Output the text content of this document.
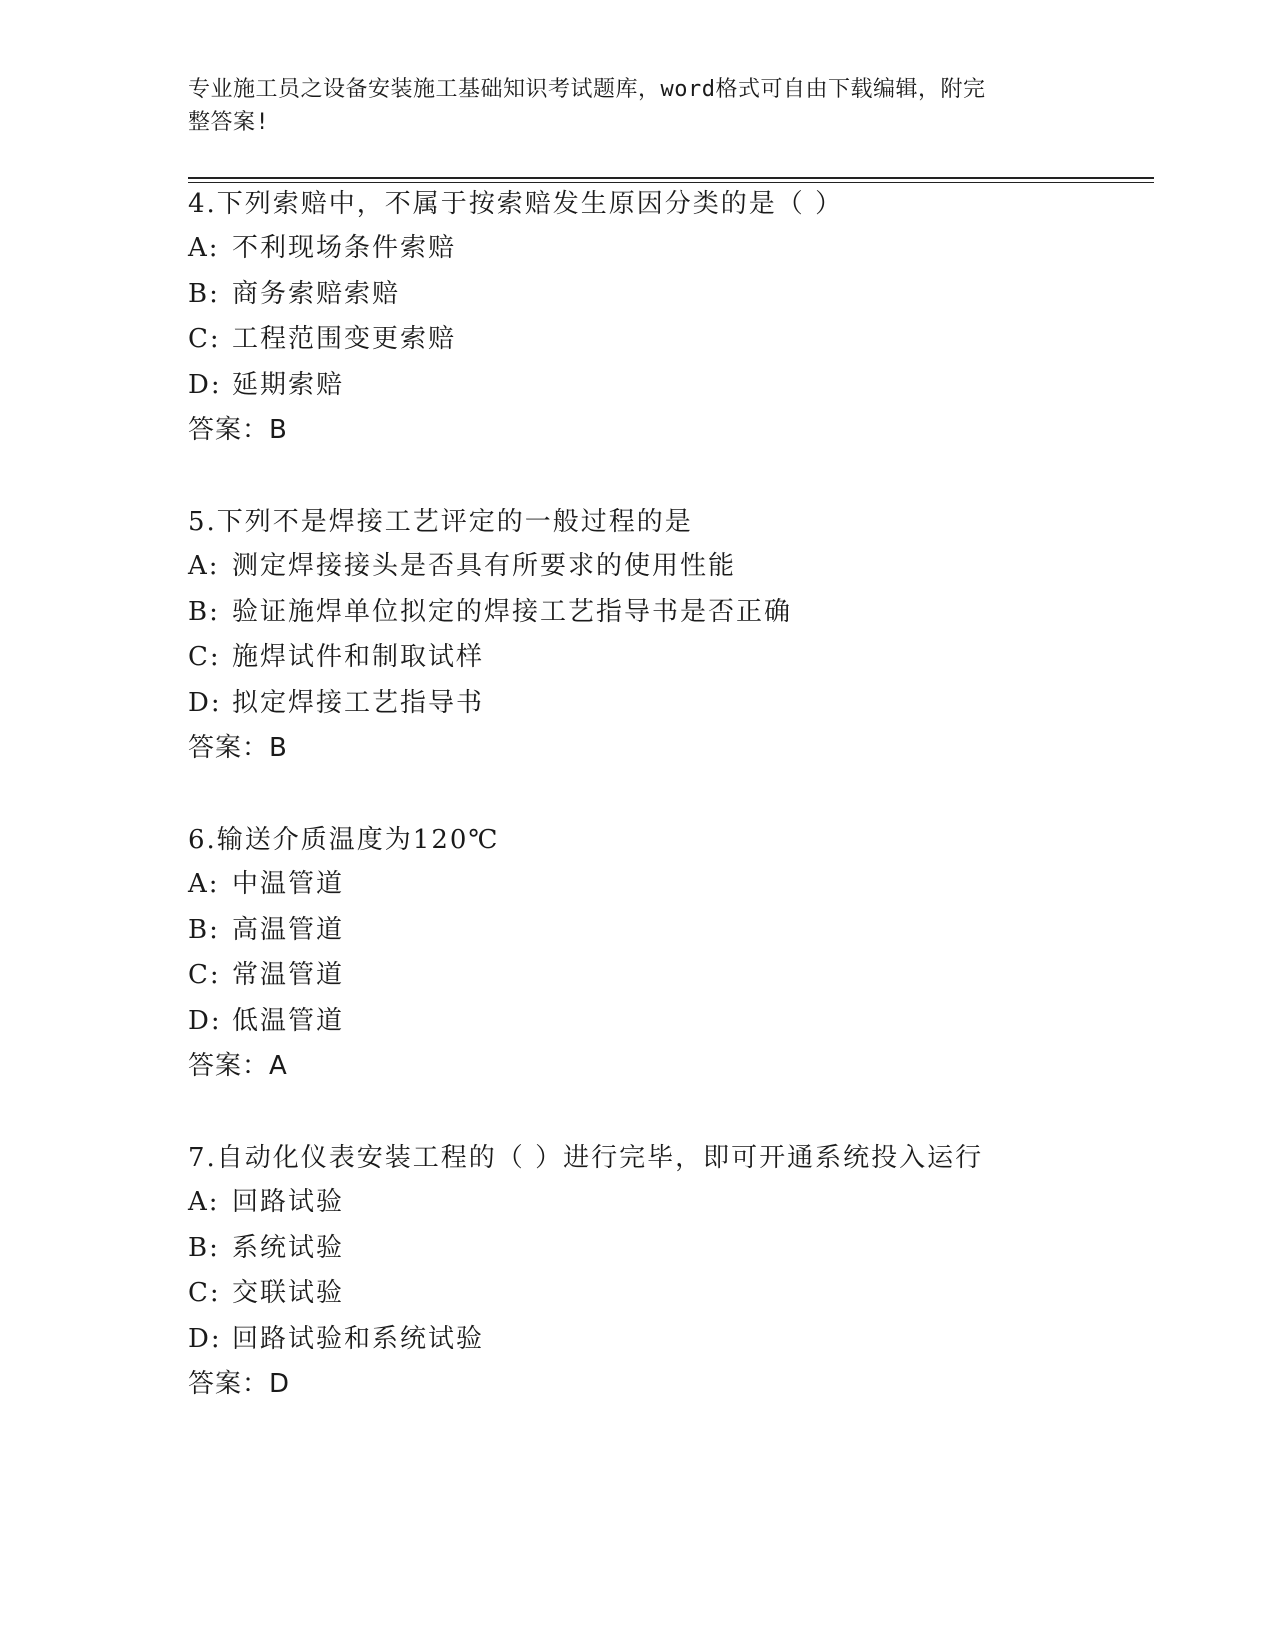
专业施工员之设备安装施工基础知识考试题库，word格式可自由下载编辑，附完
整答案!
4.下列索赔中，不属于按索赔发生原因分类的是（ ）
A: 不利现场条件索赔
B: 商务索赔索赔
C: 工程范围变更索赔
D: 延期索赔
答案：B
5.下列不是焊接工艺评定的一般过程的是
A: 测定焊接接头是否具有所要求的使用性能
B: 验证施焊单位拟定的焊接工艺指导书是否正确
C: 施焊试件和制取试样
D: 拟定焊接工艺指导书
答案：B
6.输送介质温度为120℃
A: 中温管道
B: 高温管道
C: 常温管道
D: 低温管道
答案：A
7.自动化仪表安装工程的（ ）进行完毕，即可开通系统投入运行
A: 回路试验
B: 系统试验
C: 交联试验
D: 回路试验和系统试验
答案：D
